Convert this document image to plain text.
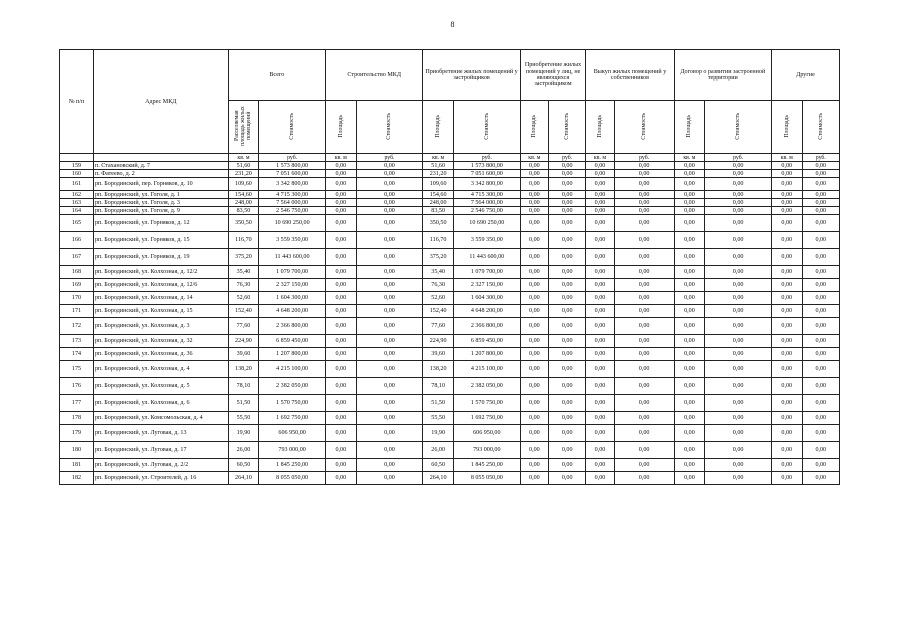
8
№ п/п	Адрес МКД	Всего		Строительство МКД		Приобретение жилых помещений у застройщиков		Приобретение жилых помещений у лиц, не являющихся застройщиком		Выкуп жилых помещений у собственников		Договор о развитии застроенной территории		Другие	
		Расселяемая площадь жилых помещений	Стоимость	Площадь	Стоимость	Площадь	Стоимость	Площадь	Стоимость	Площадь	Стоимость	Площадь	Стоимость	Площадь	Стоимость
		кв. м	руб.	кв. м	руб.	кв. м	руб.	кв. м	руб.	кв. м	руб.	кв. м	руб.	кв. м	руб.
159	п. Стахановский, д. 7	51,60	1 573 800,00	0,00	0,00	51,60	1 573 800,00	0,00	0,00	0,00	0,00	0,00	0,00	0,00	0,00
160	п. Фатеево, д. 2	231,20	7 051 600,00	0,00	0,00	231,20	7 051 600,00	0,00	0,00	0,00	0,00	0,00	0,00	0,00	0,00
161	рп. Бородинский, пер. Горняков, д. 10	109,60	3 342 800,00	0,00	0,00	109,60	3 342 800,00	0,00	0,00	0,00	0,00	0,00	0,00	0,00	0,00
162	рп. Бородинский, ул. Гоголя, д. 1	154,60	4 715 300,00	0,00	0,00	154,60	4 715 300,00	0,00	0,00	0,00	0,00	0,00	0,00	0,00	0,00
163	рп. Бородинский, ул. Гоголя, д. 3	248,00	7 564 000,00	0,00	0,00	248,00	7 564 000,00	0,00	0,00	0,00	0,00	0,00	0,00	0,00	0,00
164	рп. Бородинский, ул. Гоголя, д. 9	83,50	2 546 750,00	0,00	0,00	83,50	2 546 750,00	0,00	0,00	0,00	0,00	0,00	0,00	0,00	0,00
165	рп. Бородинский, ул. Горняков, д. 12	350,50	10 690 250,00	0,00	0,00	350,50	10 690 250,00	0,00	0,00	0,00	0,00	0,00	0,00	0,00	0,00
166	рп. Бородинский, ул. Горняков, д. 15	116,70	3 559 350,00	0,00	0,00	116,70	3 559 350,00	0,00	0,00	0,00	0,00	0,00	0,00	0,00	0,00
167	рп. Бородинский, ул. Горняков, д. 19	375,20	11 443 600,00	0,00	0,00	375,20	11 443 600,00	0,00	0,00	0,00	0,00	0,00	0,00	0,00	0,00
168	рп. Бородинский, ул. Колхозная, д. 12/2	35,40	1 079 700,00	0,00	0,00	35,40	1 079 700,00	0,00	0,00	0,00	0,00	0,00	0,00	0,00	0,00
169	рп. Бородинский, ул. Колхозная, д. 12/6	76,30	2 327 150,00	0,00	0,00	76,30	2 327 150,00	0,00	0,00	0,00	0,00	0,00	0,00	0,00	0,00
170	рп. Бородинский, ул. Колхозная, д. 14	52,60	1 604 300,00	0,00	0,00	52,60	1 604 300,00	0,00	0,00	0,00	0,00	0,00	0,00	0,00	0,00
171	рп. Бородинский, ул. Колхозная, д. 15	152,40	4 648 200,00	0,00	0,00	152,40	4 648 200,00	0,00	0,00	0,00	0,00	0,00	0,00	0,00	0,00
172	рп. Бородинский, ул. Колхозная, д. 3	77,60	2 366 800,00	0,00	0,00	77,60	2 366 800,00	0,00	0,00	0,00	0,00	0,00	0,00	0,00	0,00
173	рп. Бородинский, ул. Колхозная, д. 32	224,90	6 859 450,00	0,00	0,00	224,90	6 859 450,00	0,00	0,00	0,00	0,00	0,00	0,00	0,00	0,00
174	рп. Бородинский, ул. Колхозная, д. 36	39,60	1 207 800,00	0,00	0,00	39,60	1 207 800,00	0,00	0,00	0,00	0,00	0,00	0,00	0,00	0,00
175	рп. Бородинский, ул. Колхозная, д. 4	138,20	4 215 100,00	0,00	0,00	138,20	4 215 100,00	0,00	0,00	0,00	0,00	0,00	0,00	0,00	0,00
176	рп. Бородинский, ул. Колхозная, д. 5	78,10	2 382 050,00	0,00	0,00	78,10	2 382 050,00	0,00	0,00	0,00	0,00	0,00	0,00	0,00	0,00
177	рп. Бородинский, ул. Колхозная, д. 6	51,50	1 570 750,00	0,00	0,00	51,50	1 570 750,00	0,00	0,00	0,00	0,00	0,00	0,00	0,00	0,00
178	рп. Бородинский, ул. Комсомольская, д. 4	55,50	1 692 750,00	0,00	0,00	55,50	1 692 750,00	0,00	0,00	0,00	0,00	0,00	0,00	0,00	0,00
179	рп. Бородинский, ул. Луговая, д. 13	19,90	606 950,00	0,00	0,00	19,90	606 950,00	0,00	0,00	0,00	0,00	0,00	0,00	0,00	0,00
180	рп. Бородинский, ул. Луговая, д. 17	26,00	793 000,00	0,00	0,00	26,00	793 000,00	0,00	0,00	0,00	0,00	0,00	0,00	0,00	0,00
181	рп. Бородинский, ул. Луговая, д. 2/2	60,50	1 845 250,00	0,00	0,00	60,50	1 845 250,00	0,00	0,00	0,00	0,00	0,00	0,00	0,00	0,00
182	рп. Бородинский, ул. Строителей, д. 16	264,10	8 055 050,00	0,00	0,00	264,10	8 055 050,00	0,00	0,00	0,00	0,00	0,00	0,00	0,00	0,00
